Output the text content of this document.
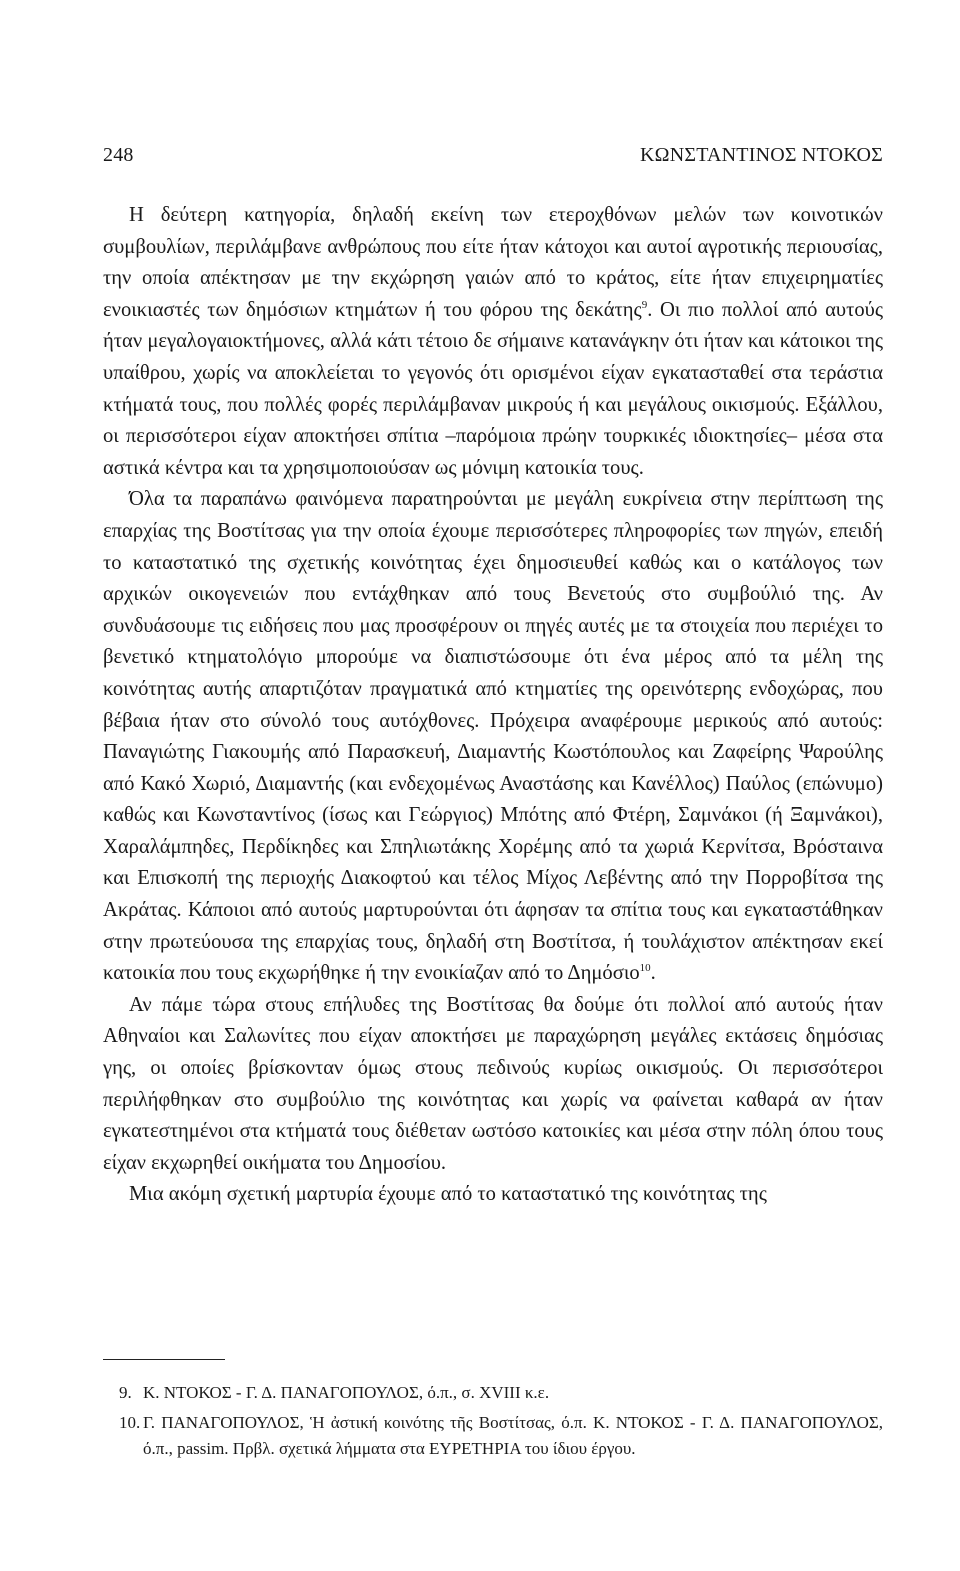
248	ΚΩΝΣΤΑΝΤΙΝΟΣ ΝΤΟΚΟΣ

Η δεύτερη κατηγορία, δηλαδή εκείνη των ετεροχθόνων μελών των κοινοτικών συμβουλίων, περιλάμβανε ανθρώπους που είτε ήταν κάτοχοι και αυτοί αγροτικής περιουσίας, την οποία απέκτησαν με την εκχώρηση γαιών από το κράτος, είτε ήταν επιχειρηματίες ενοικιαστές των δημόσιων κτημάτων ή του φόρου της δεκάτης$^9$. Οι πιο πολλοί από αυτούς ήταν μεγαλογαιοκτήμονες, αλλά κάτι τέτοιο δε σήμαινε κατανάγκην ότι ήταν και κάτοικοι της υπαίθρου, χωρίς να αποκλείεται το γεγονός ότι ορισμένοι είχαν εγκατασταθεί στα τεράστια κτήματά τους, που πολλές φορές περιλάμβαναν μικρούς ή και μεγάλους οικισμούς. Εξάλλου, οι περισσότεροι είχαν αποκτήσει σπίτια –παρόμοια πρώην τουρκικές ιδιοκτησίες– μέσα στα αστικά κέντρα και τα χρησιμοποιούσαν ως μόνιμη κατοικία τους.

Όλα τα παραπάνω φαινόμενα παρατηρούνται με μεγάλη ευκρίνεια στην περίπτωση της επαρχίας της Βοστίτσας για την οποία έχουμε περισσότερες πληροφορίες των πηγών, επειδή το καταστατικό της σχετικής κοινότητας έχει δημοσιευθεί καθώς και ο κατάλογος των αρχικών οικογενειών που εντάχθηκαν από τους Βενετούς στο συμβούλιό της. Αν συνδυάσουμε τις ειδήσεις που μας προσφέρουν οι πηγές αυτές με τα στοιχεία που περιέχει το βενετικό κτηματολόγιο μπορούμε να διαπιστώσουμε ότι ένα μέρος από τα μέλη της κοινότητας αυτής απαρτιζόταν πραγματικά από κτηματίες της ορεινότερης ενδοχώρας, που βέβαια ήταν στο σύνολό τους αυτόχθονες. Πρόχειρα αναφέρουμε μερικούς από αυτούς: Παναγιώτης Γιακουμής από Παρασκευή, Διαμαντής Κωστόπουλος και Ζαφείρης Ψαρούλης από Κακό Χωριό, Διαμαντής (και ενδεχομένως Αναστάσης και Κανέλλος) Παύλος (επώνυμο) καθώς και Κωνσταντίνος (ίσως και Γεώργιος) Μπότης από Φτέρη, Σαμνάκοι (ή Ξαμνάκοι), Χαραλάμπηδες, Περδίκηδες και Σπηλιωτάκης Χορέμης από τα χωριά Κερνίτσα, Βρόσταινα και Επισκοπή της περιοχής Διακοφτού και τέλος Μίχος Λεβέντης από την Πορροβίτσα της Ακράτας. Κάποιοι από αυτούς μαρτυρούνται ότι άφησαν τα σπίτια τους και εγκαταστάθηκαν στην πρωτεύουσα της επαρχίας τους, δηλαδή στη Βοστίτσα, ή τουλάχιστον απέκτησαν εκεί κατοικία που τους εκχωρήθηκε ή την ενοικίαζαν από το Δημόσιο$^{10}$.

Αν πάμε τώρα στους επήλυδες της Βοστίτσας θα δούμε ότι πολλοί από αυτούς ήταν Αθηναίοι και Σαλωνίτες που είχαν αποκτήσει με παραχώρηση μεγάλες εκτάσεις δημόσιας γης, οι οποίες βρίσκονταν όμως στους πεδινούς κυρίως οικισμούς. Οι περισσότεροι περιλήφθηκαν στο συμβούλιο της κοινότητας και χωρίς να φαίνεται καθαρά αν ήταν εγκατεστημένοι στα κτήματά τους διέθεταν ωστόσο κατοικίες και μέσα στην πόλη όπου τους είχαν εκχωρηθεί οικήματα του Δημοσίου.

Μια ακόμη σχετική μαρτυρία έχουμε από το καταστατικό της κοινότητας της

9. Κ. ΝΤΟΚΟΣ - Γ. Δ. ΠΑΝΑΓΟΠΟΥΛΟΣ, ό.π., σ. XVIII κ.ε.

10. Γ. ΠΑΝΑΓΟΠΟΥΛΟΣ, Ἡ ἀστική κοινότης τῆς Βοστίτσας, ό.π. Κ. ΝΤΟΚΟΣ - Γ. Δ. ΠΑΝΑΓΟΠΟΥΛΟΣ, ό.π., passim. Πρβλ. σχετικά λήμματα στα ΕΥΡΕΤΗΡΙΑ του ίδιου έργου.
